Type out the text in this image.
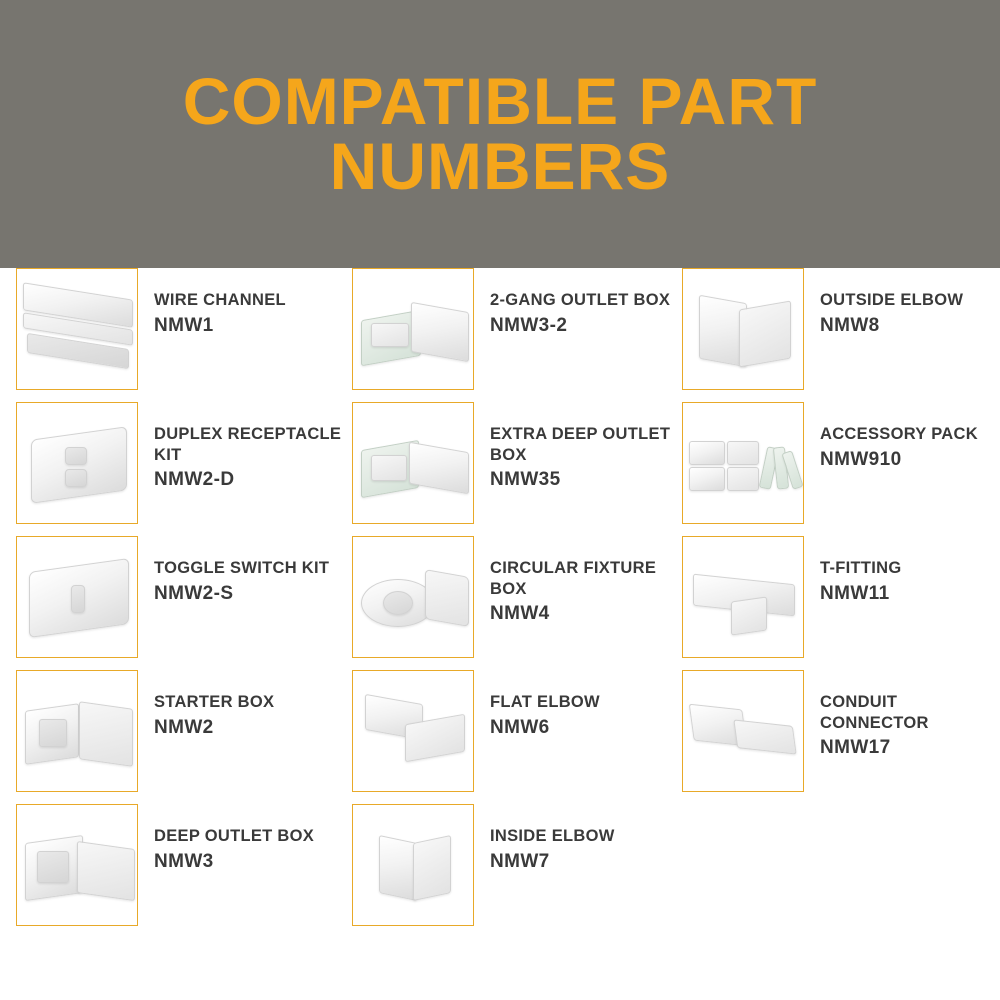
COMPATIBLE PART
NUMBERS
WIRE CHANNEL
NMW1
DUPLEX RECEPTACLE KIT
NMW2-D
TOGGLE SWITCH KIT
NMW2-S
STARTER BOX
NMW2
DEEP OUTLET BOX
NMW3
2-GANG OUTLET BOX
NMW3-2
EXTRA DEEP OUTLET BOX
NMW35
CIRCULAR FIXTURE BOX
NMW4
FLAT ELBOW
NMW6
INSIDE ELBOW
NMW7
OUTSIDE ELBOW
NMW8
ACCESSORY PACK
NMW910
T-FITTING
NMW11
CONDUIT CONNECTOR
NMW17
